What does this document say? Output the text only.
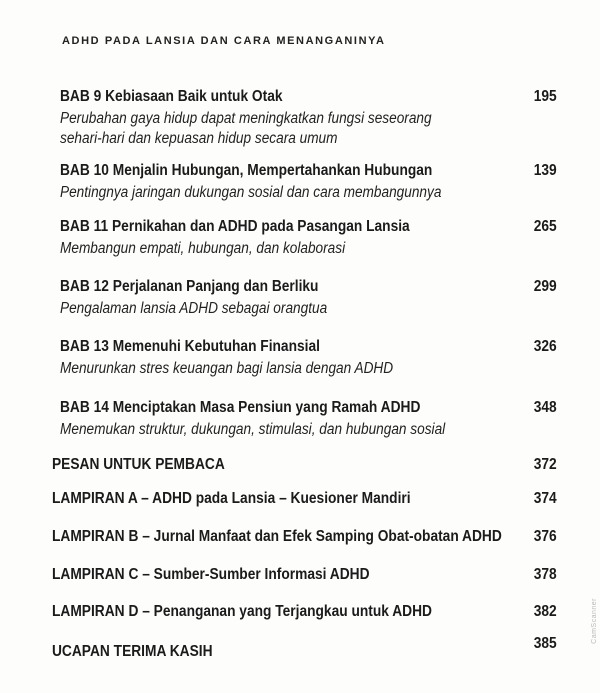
ADHD PADA LANSIA DAN CARA MENANGANINYA
BAB 9 Kebiasaan Baik untuk Otak	195
Perubahan gaya hidup dapat meningkatkan fungsi seseorang
sehari-hari dan kepuasan hidup secara umum
BAB 10 Menjalin Hubungan, Mempertahankan Hubungan	139
Pentingnya jaringan dukungan sosial dan cara membangunnya
BAB 11 Pernikahan dan ADHD pada Pasangan Lansia	265
Membangun empati, hubungan, dan kolaborasi
BAB 12 Perjalanan Panjang dan Berliku	299
Pengalaman lansia ADHD sebagai orangtua
BAB 13 Memenuhi Kebutuhan Finansial	326
Menurunkan stres keuangan bagi lansia dengan ADHD
BAB 14 Menciptakan Masa Pensiun yang Ramah ADHD	348
Menemukan struktur, dukungan, stimulasi, dan hubungan sosial
PESAN UNTUK PEMBACA	372
LAMPIRAN A – ADHD pada Lansia – Kuesioner Mandiri	374
LAMPIRAN B – Jurnal Manfaat dan Efek Samping Obat-obatan ADHD 376
LAMPIRAN C – Sumber-Sumber Informasi ADHD	378
LAMPIRAN D – Penanganan yang Terjangkau untuk ADHD	382
UCAPAN TERIMA KASIH	385	CamScanner
